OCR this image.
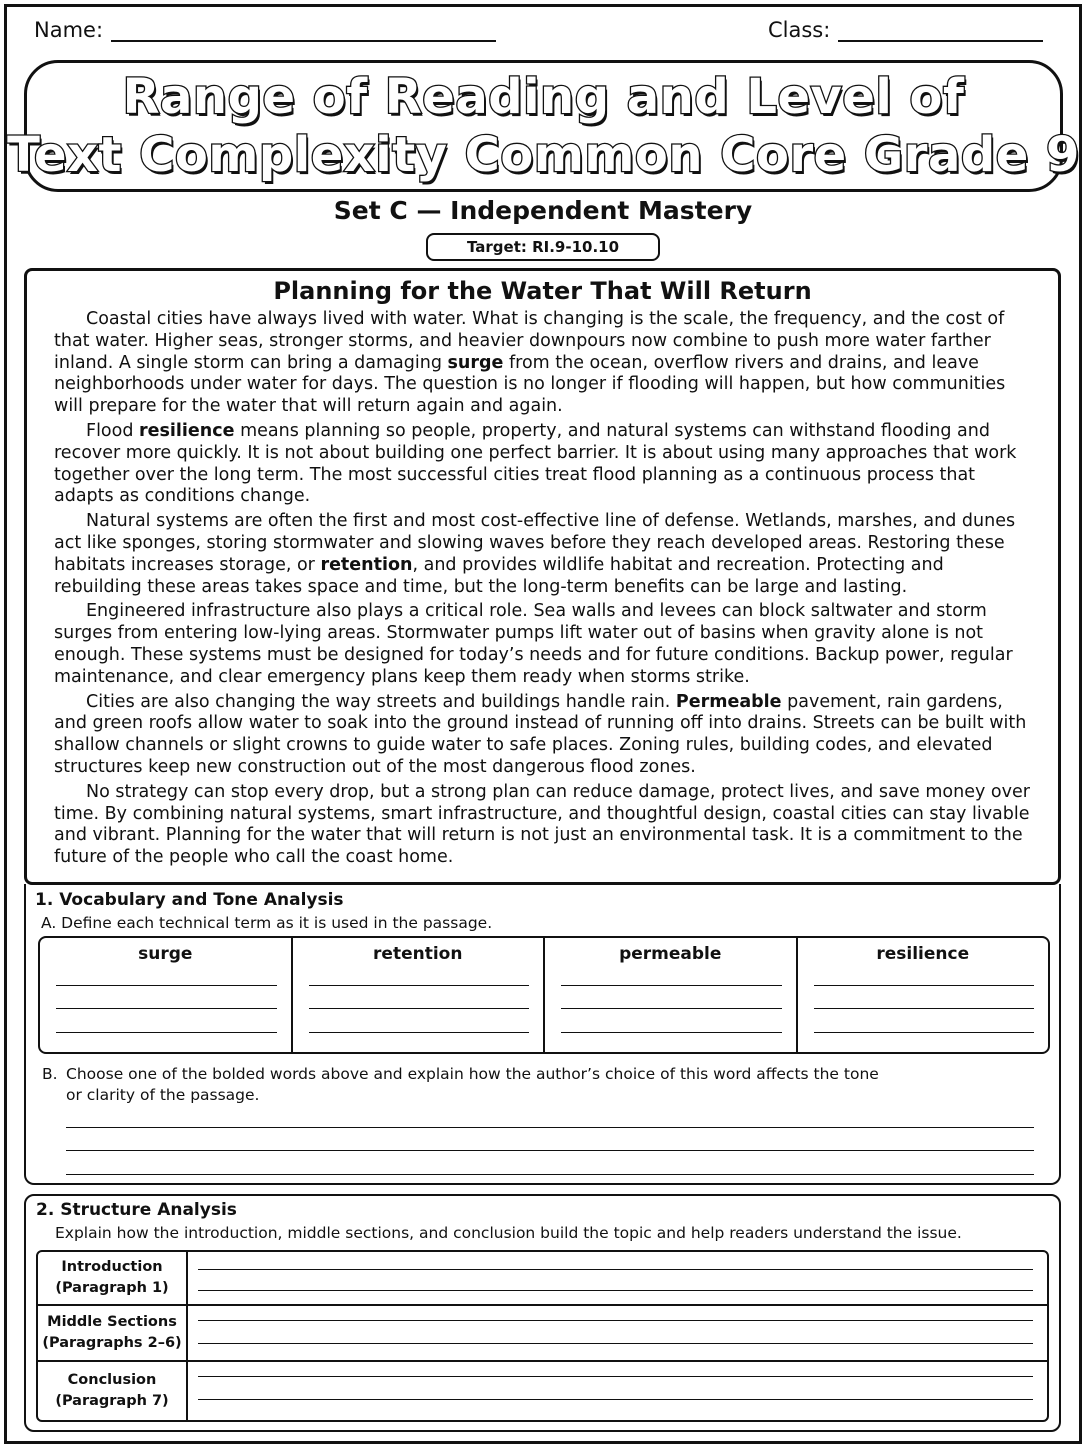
Name:	Class:
Range of Reading and Level of
Text Complexity Common Core Grade 9
Set C — Independent Mastery
Target: RI.9-10.10
Planning for the Water That Will Return

Coastal cities have always lived with water. What is changing is the scale, the frequency, and the cost of that water. Higher seas, stronger storms, and heavier downpours now combine to push more water farther inland. A single storm can bring a damaging surge from the ocean, overflow rivers and drains, and leave neighborhoods under water for days. The question is no longer if flooding will happen, but how communities will prepare for the water that will return again and again.

Flood resilience means planning so people, property, and natural systems can withstand flooding and recover more quickly. It is not about building one perfect barrier. It is about using many approaches that work together over the long term. The most successful cities treat flood planning as a continuous process that adapts as conditions change.

Natural systems are often the first and most cost-effective line of defense. Wetlands, marshes, and dunes act like sponges, storing stormwater and slowing waves before they reach developed areas. Restoring these habitats increases storage, or retention, and provides wildlife habitat and recreation. Protecting and rebuilding these areas takes space and time, but the long-term benefits can be large and lasting.

Engineered infrastructure also plays a critical role. Sea walls and levees can block saltwater and storm surges from entering low-lying areas. Stormwater pumps lift water out of basins when gravity alone is not enough. These systems must be designed for today’s needs and for future conditions. Backup power, regular maintenance, and clear emergency plans keep them ready when storms strike.

Cities are also changing the way streets and buildings handle rain. Permeable pavement, rain gardens, and green roofs allow water to soak into the ground instead of running off into drains. Streets can be built with shallow channels or slight crowns to guide water to safe places. Zoning rules, building codes, and elevated structures keep new construction out of the most dangerous flood zones.

No strategy can stop every drop, but a strong plan can reduce damage, protect lives, and save money over time. By combining natural systems, smart infrastructure, and thoughtful design, coastal cities can stay livable and vibrant. Planning for the water that will return is not just an environmental task. It is a commitment to the future of the people who call the coast home.

1. Vocabulary and Tone Analysis
A. Define each technical term as it is used in the passage.
surge	retention	permeable	resilience
B. Choose one of the bolded words above and explain how the author’s choice of this word affects the tone
or clarity of the passage.
2. Structure Analysis
Explain how the introduction, middle sections, and conclusion build the topic and help readers understand the issue.
Introduction
(Paragraph 1)
Middle Sections
(Paragraphs 2–6)
Conclusion
(Paragraph 7)
